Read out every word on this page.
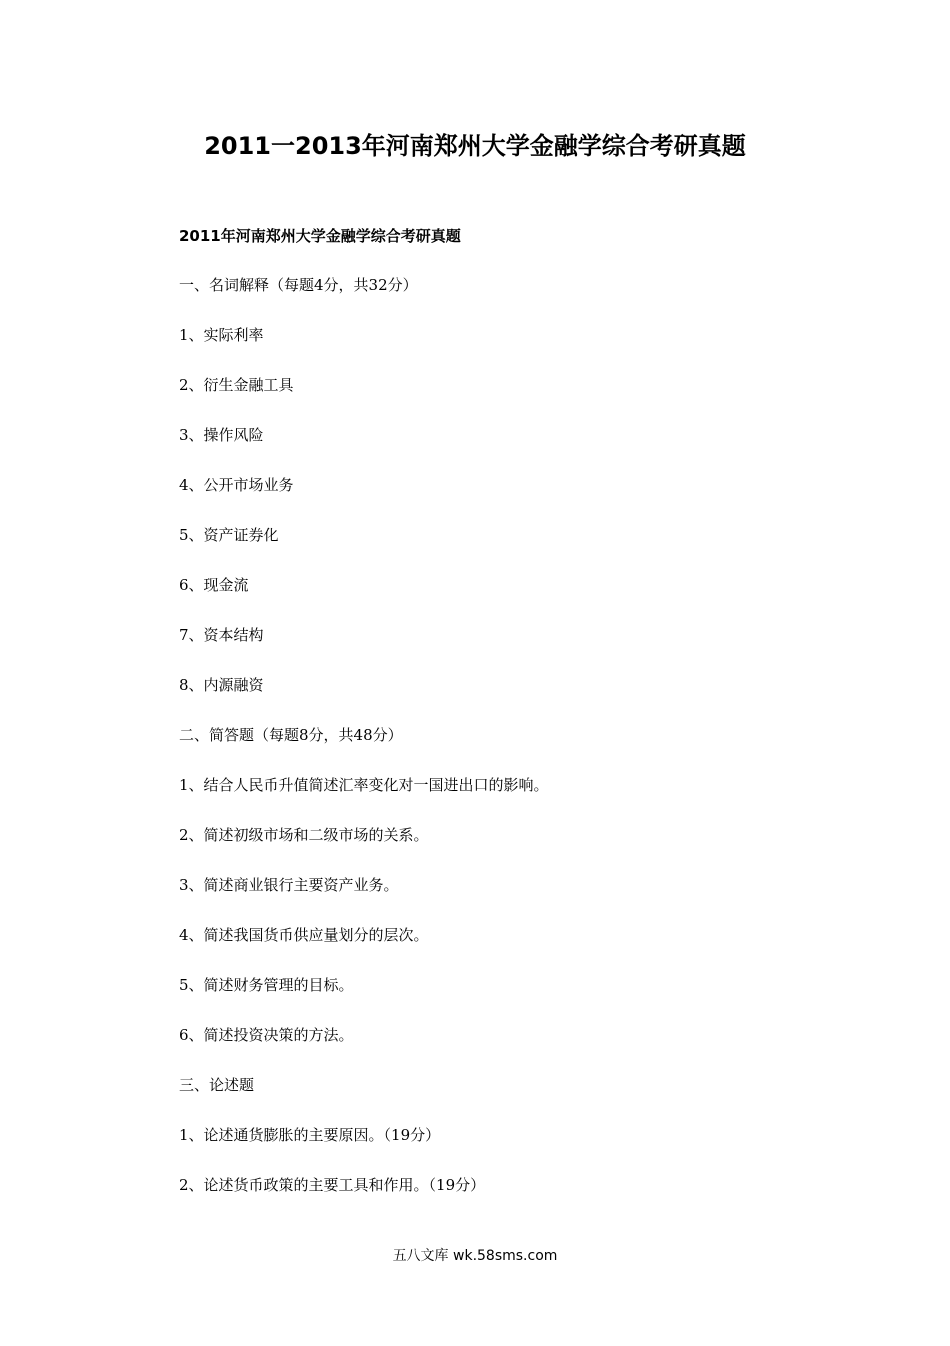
2011一2013年河南郑州大学金融学综合考研真题
2011年河南郑州大学金融学综合考研真题

一、名词解释（每题4分，共32分）

1、实际利率

2、衍生金融工具

3、操作风险

4、公开市场业务

5、资产证券化

6、现金流

7、资本结构

8、内源融资

二、简答题（每题8分，共48分）

1、结合人民币升值简述汇率变化对一国进出口的影响。

2、简述初级市场和二级市场的关系。

3、简述商业银行主要资产业务。

4、简述我国货币供应量划分的层次。

5、简述财务管理的目标。

6、简述投资决策的方法。

三、论述题

1、论述通货膨胀的主要原因。（19分）

2、论述货币政策的主要工具和作用。（19分）

五八文库 wk.58sms.com
